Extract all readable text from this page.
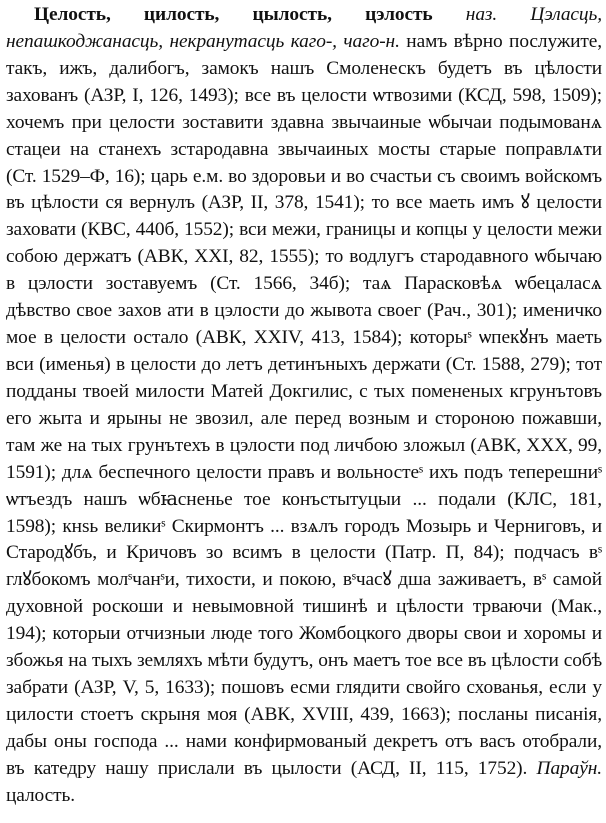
Целость, цилость, цылость, цэлость наз. Цэласць, непашкоджанасць, некранутасць каго-, чаго-н. намъ вѣрно послужите, такъ, ижъ, далибогъ, замокъ нашъ Смоленескъ будетъ въ цѣлости захованъ (АЗР, I, 126, 1493); все въ целости ѡтвозими (КСД, 598, 1509); хочемъ при целости зоставити здавна звычаиные ѡбычаи подымованѧ стацеи на станехъ зстародавна звычаиных мосты старые поправлѧти (Ст. 1529–Ф, 16); царь е.м. во здоровьи и во счастьи съ своимъ войскомъ въ цѣлости ся вернулъ (АЗР, II, 378, 1541); то все маеть имъ ꙋ целости заховати (КВС, 440б, 1552); вси межи, границы и копцы у целости межи собою держатъ (АВК, XXI, 82, 1555); то водлугъ стародавного ѡбычаю в цэлости зоставуемъ (Ст. 1566, 34б); таѧ Парасковѣѧ ѡбецаласѧ дѣвство свое захов ати в цэлости до жывота своег (Рач., 301); именичко мое в целости остало (АВК, XXIV, 413, 1584); которыˢ ѡпекꙋнъ маеть вси (именья) в целости до летъ детинъныхъ держати (Ст. 1588, 279); тот подданы твоей милости Матей Докгилис, с тых помененых кгрунътовъ его жыта и ярыны не звозил, але перед возным и стороною пожавши, там же на тых грунътехъ в цэлости под личбою зложыл (АВК, ХХХ, 99, 1591); длѧ беспечного целости правъ и вольностеˢ ихъ подъ теперешниˢ ѡтъездъ нашъ ѡбꙗсненье тое конъстытуцыи ... подали (КЛС, 181, 1598); кнѕь великиˢ Скирмонтъ ... взѧлъ городъ Мозырь и Черниговъ, и Стародꙋбъ, и Кричовъ зо всимъ в целости (Патр. П, 84); подчасъ вˢ глꙋбокомъ молˢчанˢи, тихости, и покою, вˢчасꙋ дша заживаетъ, вˢ самой духовной роскоши и невымовной тишинѣ и цѣлости трваючи (Мак., 194); которыи отчизныи люде того Жомбоцкого дворы свои и хоромы и збожья на тыхъ земляхъ мѣти будутъ, онъ маетъ тое все въ цѣлости собѣ забрати (АЗР, V, 5, 1633); пошовъ есми глядити свойго схованья, если у цилости стоетъ скрыня моя (АВК, XVIII, 439, 1663); посланы писанія, дабы оны господа ... нами конфирмованый декретъ отъ васъ отобрали, въ катедру нашу прислали въ цылости (АСД, II, 115, 1752). Параўн. цалость.
